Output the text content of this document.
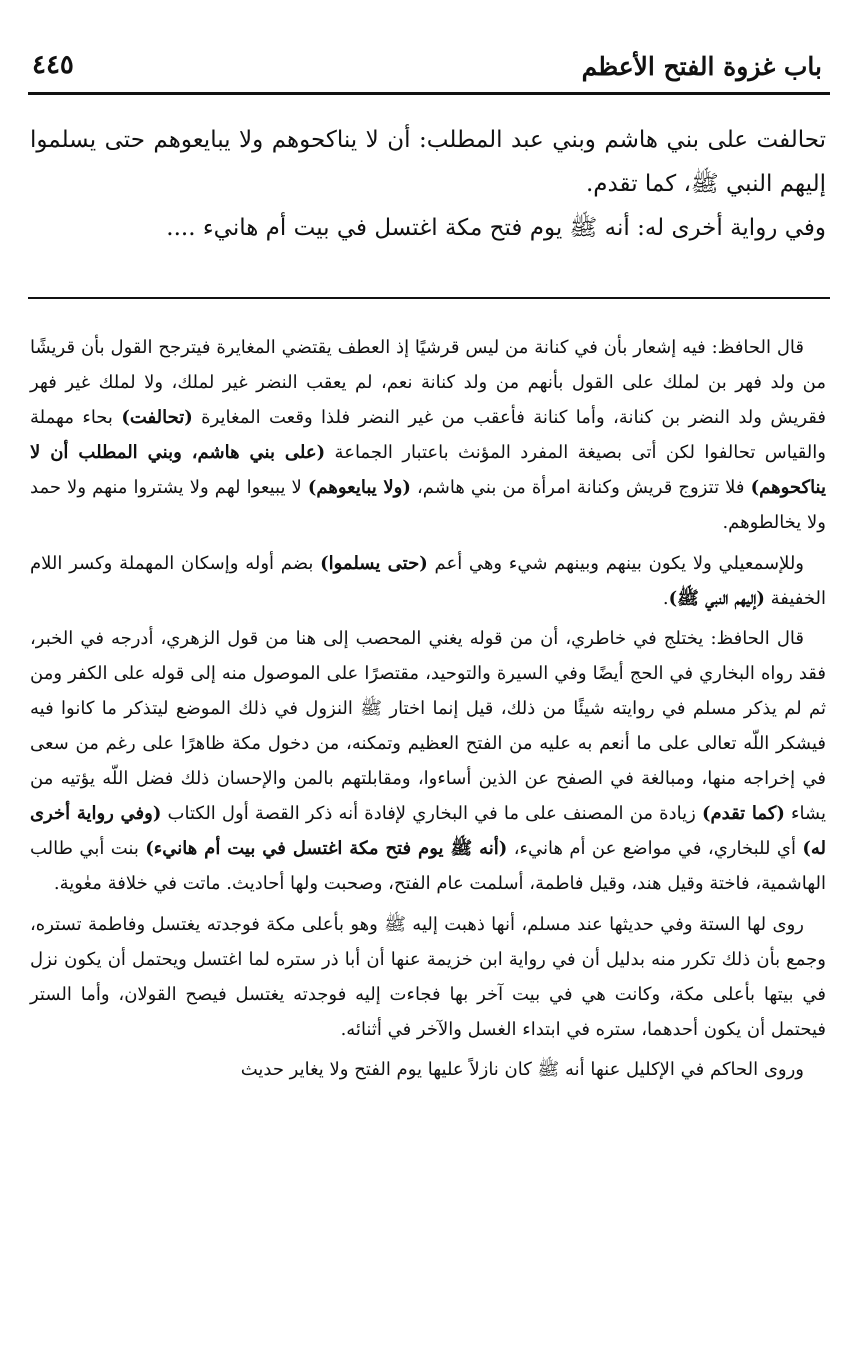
باب غزوة الفتح الأعظم
٤٤٥

تحالفت على بني هاشم وبني عبد المطلب: أن لا يناكحوهم ولا يبايعوهم حتى يسلموا إليهم النبي ﷺ، كما تقدم.

وفي رواية أخرى له: أنه ﷺ يوم فتح مكة اغتسل في بيت أم هانيء ....

قال الحافظ: فيه إشعار بأن في كنانة من ليس قرشيًا إذ العطف يقتضي المغايرة فيترجح القول بأن قريشًا من ولد فهر بن لملك على القول بأنهم من ولد كنانة نعم، لم يعقب النضر غير لملك، ولا لملك غير فهر فقريش ولد النضر بن كنانة، وأما كنانة فأعقب من غير النضر فلذا وقعت المغايرة (تحالفت) بحاء مهملة والقياس تحالفوا لكن أتى بصيغة المفرد المؤنث باعتبار الجماعة (على بني هاشم، وبني المطلب أن لا يناكحوهم) فلا تتزوج قريش وكنانة امرأة من بني هاشم، (ولا يبايعوهم) لا يبيعوا لهم ولا يشتروا منهم ولا حمد ولا يخالطوهم.

وللإسمعيلي ولا يكون بينهم وبينهم شيء وهي أعم (حتى يسلموا) بضم أوله وإسكان المهملة وكسر اللام الخفيفة (إليهم النبي ﷺ).

قال الحافظ: يختلج في خاطري، أن من قوله يغني المحصب إلى هنا من قول الزهري، أدرجه في الخبر، فقد رواه البخاري في الحج أيضًا وفي السيرة والتوحيد، مقتصرًا على الموصول منه إلى قوله على الكفر ومن ثم لم يذكر مسلم في روايته شيئًا من ذلك، قيل إنما اختار ﷺ النزول في ذلك الموضع ليتذكر ما كانوا فيه فيشكر اللّه تعالى على ما أنعم به عليه من الفتح العظيم وتمكنه، من دخول مكة ظاهرًا على رغم من سعى في إخراجه منها، ومبالغة في الصفح عن الذين أساءوا، ومقابلتهم بالمن والإحسان ذلك فضل اللّه يؤتيه من يشاء (كما تقدم) زيادة من المصنف على ما في البخاري لإفادة أنه ذكر القصة أول الكتاب (وفي رواية أخرى له) أي للبخاري، في مواضع عن أم هانيء، (أنه ﷺ يوم فتح مكة اغتسل في بيت أم هانيء) بنت أبي طالب الهاشمية، فاختة وقيل هند، وقيل فاطمة، أسلمت عام الفتح، وصحبت ولها أحاديث. ماتت في خلافة معٰوية.

روى لها الستة وفي حديثها عند مسلم، أنها ذهبت إليه ﷺ وهو بأعلى مكة فوجدته يغتسل وفاطمة تستره، وجمع بأن ذلك تكرر منه بدليل أن في رواية ابن خزيمة عنها أن أبا ذر ستره لما اغتسل ويحتمل أن يكون نزل في بيتها بأعلى مكة، وكانت هي في بيت آخر بها فجاءت إليه فوجدته يغتسل فيصح القولان، وأما الستر فيحتمل أن يكون أحدهما، ستره في ابتداء الغسل والآخر في أثنائه.

وروى الحاكم في الإكليل عنها أنه ﷺ كان نازلاً عليها يوم الفتح ولا يغاير حديث
